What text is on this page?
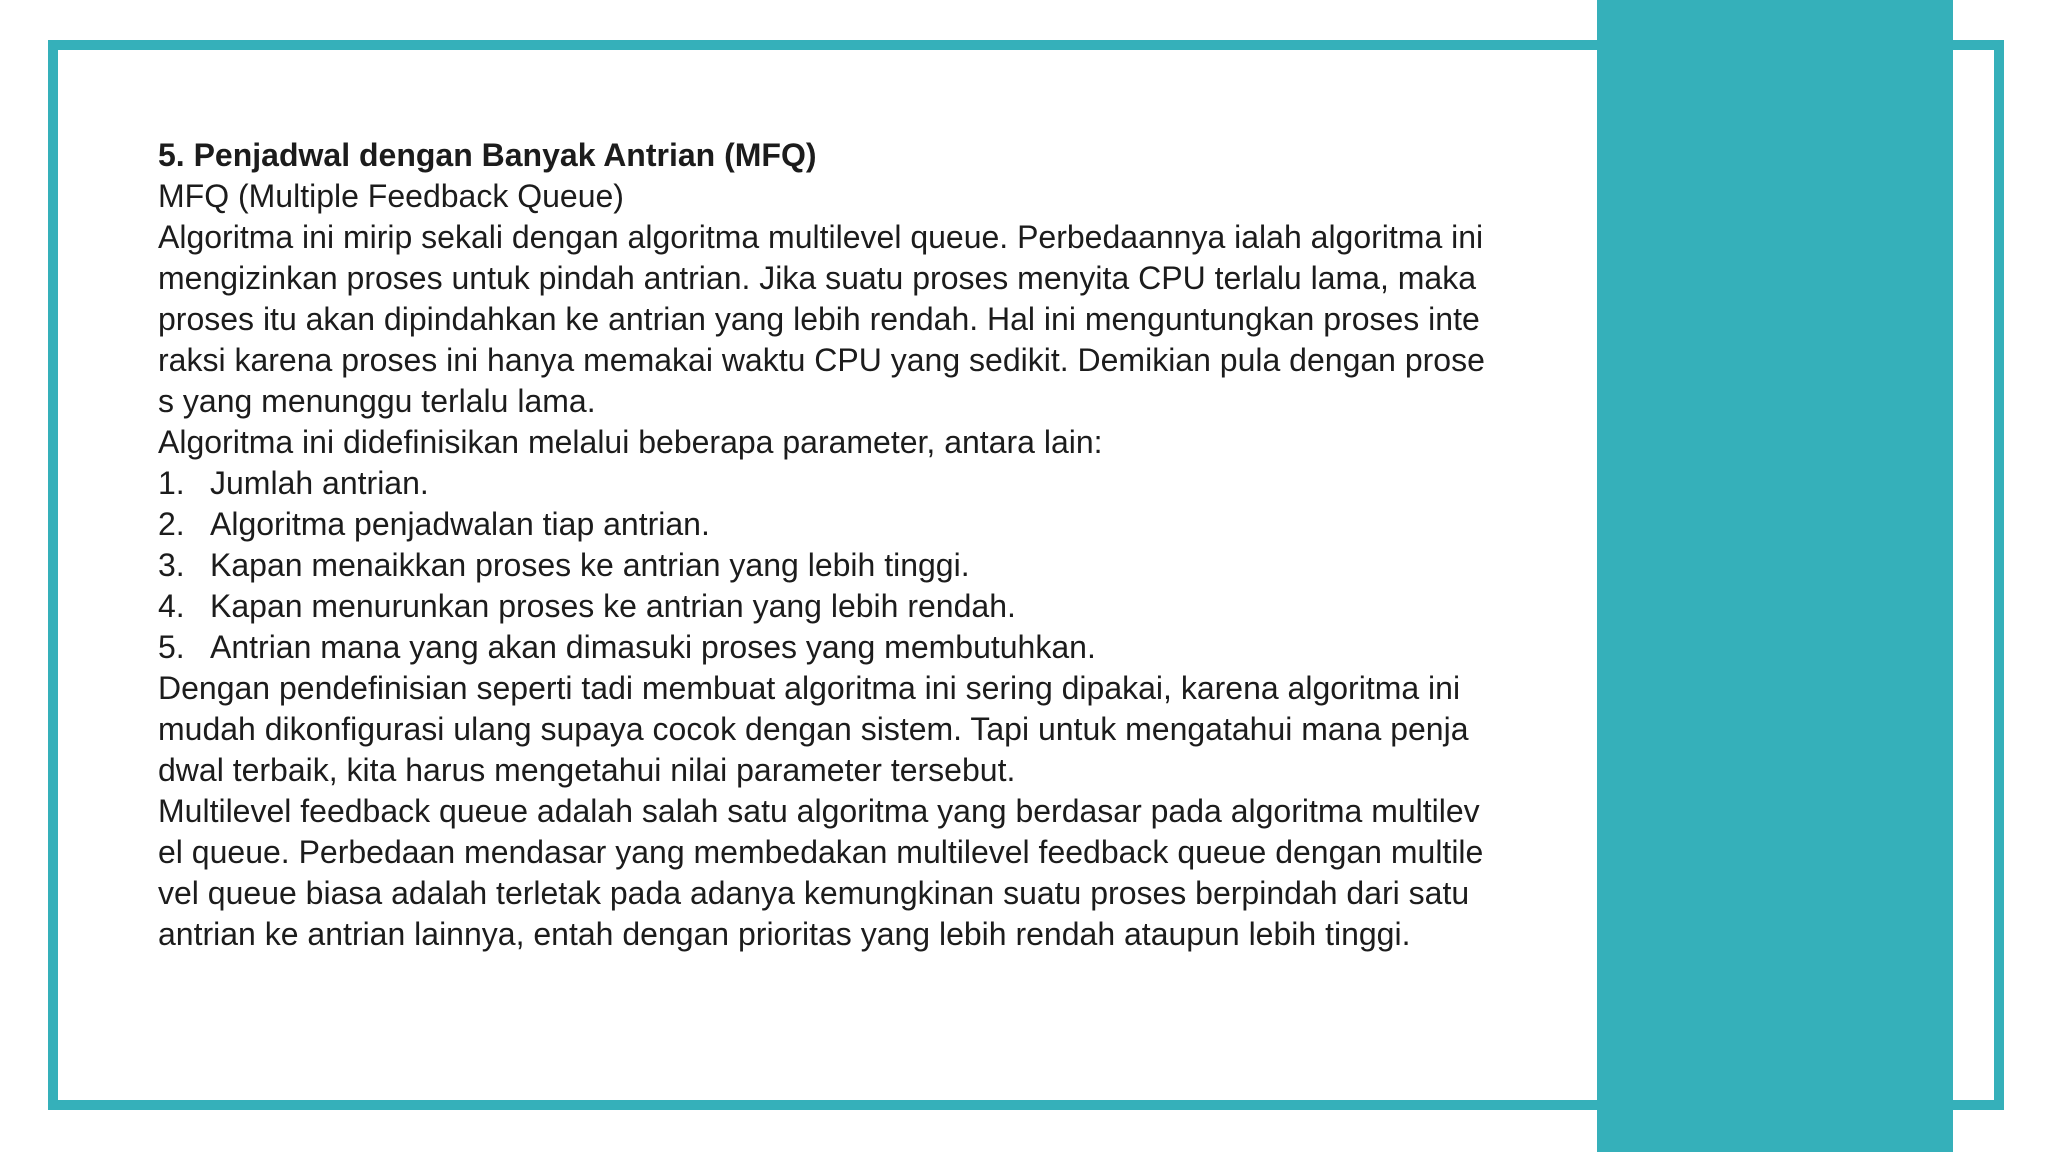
5. Penjadwal dengan Banyak Antrian (MFQ)

MFQ (Multiple Feedback Queue)

Algoritma ini mirip sekali dengan algoritma multilevel queue. Perbedaannya ialah algoritma ini

mengizinkan proses untuk pindah antrian. Jika suatu proses menyita CPU terlalu lama, maka

proses itu akan dipindahkan ke antrian yang lebih rendah. Hal ini menguntungkan proses inte

raksi karena proses ini hanya memakai waktu CPU yang sedikit. Demikian pula dengan prose

s yang menunggu terlalu lama.

Algoritma ini didefinisikan melalui beberapa parameter, antara lain:

1. Jumlah antrian.
2. Algoritma penjadwalan tiap antrian.
3. Kapan menaikkan proses ke antrian yang lebih tinggi.
4. Kapan menurunkan proses ke antrian yang lebih rendah.
5. Antrian mana yang akan dimasuki proses yang membutuhkan.

Dengan pendefinisian seperti tadi membuat algoritma ini sering dipakai, karena algoritma ini

mudah dikonfigurasi ulang supaya cocok dengan sistem. Tapi untuk mengatahui mana penja

dwal terbaik, kita harus mengetahui nilai parameter tersebut.

Multilevel feedback queue adalah salah satu algoritma yang berdasar pada algoritma multilev

el queue. Perbedaan mendasar yang membedakan multilevel feedback queue dengan multile

vel queue biasa adalah terletak pada adanya kemungkinan suatu proses berpindah dari satu

antrian ke antrian lainnya, entah dengan prioritas yang lebih rendah ataupun lebih tinggi.
